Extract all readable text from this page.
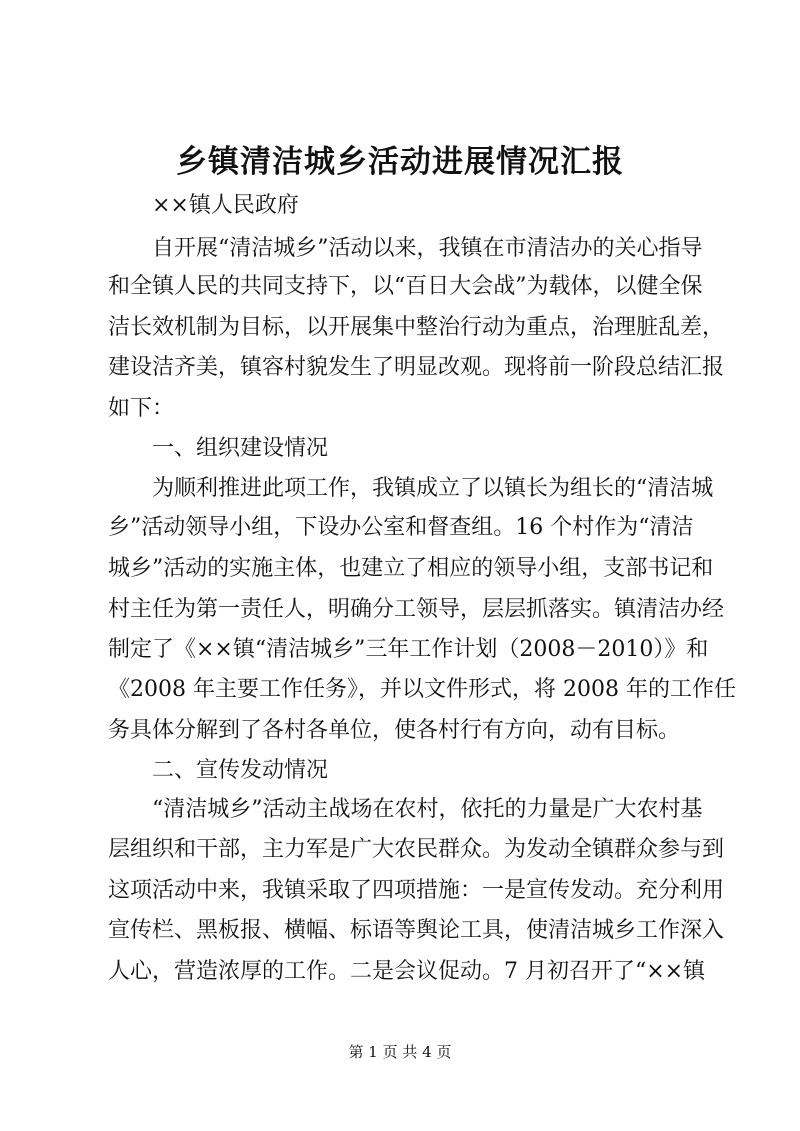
乡镇清洁城乡活动进展情况汇报
××镇人民政府
自开展“清洁城乡”活动以来，我镇在市清洁办的关心指导
和全镇人民的共同支持下，以“百日大会战”为载体，以健全保
洁长效机制为目标，以开展集中整治行动为重点，治理脏乱差，
建设洁齐美，镇容村貌发生了明显改观。现将前一阶段总结汇报
如下：
一、组织建设情况
为顺利推进此项工作，我镇成立了以镇长为组长的“清洁城
乡”活动领导小组，下设办公室和督查组。16 个村作为“清洁
城乡”活动的实施主体，也建立了相应的领导小组，支部书记和
村主任为第一责任人，明确分工领导，层层抓落实。镇清洁办经
制定了《××镇“清洁城乡”三年工作计划（2008－2010）》和
《2008 年主要工作任务》，并以文件形式，将 2008 年的工作任
务具体分解到了各村各单位，使各村行有方向，动有目标。
二、宣传发动情况
“清洁城乡”活动主战场在农村，依托的力量是广大农村基
层组织和干部，主力军是广大农民群众。为发动全镇群众参与到
这项活动中来，我镇采取了四项措施：一是宣传发动。充分利用
宣传栏、黑板报、横幅、标语等舆论工具，使清洁城乡工作深入
人心，营造浓厚的工作。二是会议促动。7 月初召开了“××镇
第 1 页 共 4 页
